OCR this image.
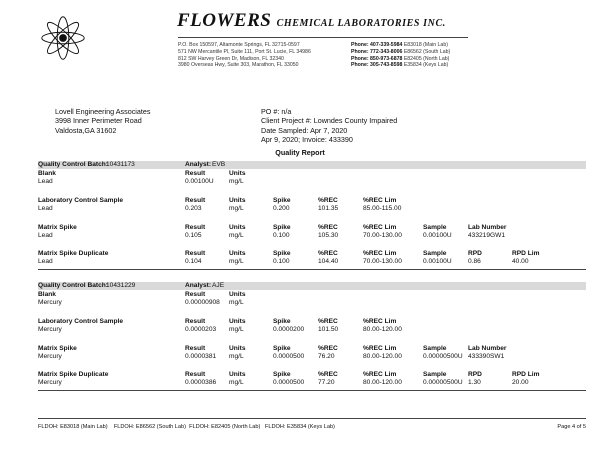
FLOWERS CHEMICAL LABORATORIES INC.
P.O. Box 150597, Altamonte Springs, FL 32715-0597
571 NW Mercantile Pl, Suite 111, Port St. Lucie, FL 34986
812 SW Harvey Green Dr, Madison, FL 32340
3980 Overseas Hwy, Suite 303, Marathon, FL 33050
Phone: 407-339-5984 E83018 (Main Lab)
Phone: 772-343-8006 E86562 (South Lab)
Phone: 850-973-6878 E82405 (North Lab)
Phone: 305-743-8598 E35834 (Keys Lab)
Lovell Engineering Associates
3998 Inner Perimeter Road
Valdosta,GA 31602
PO #: n/a
Client Project #: Lowndes County Impaired
Date Sampled: Apr 7, 2020
Apr 9, 2020; Invoice: 433390
Quality Report
Quality Control Batch:
10431173	Analyst: EVB
Blank	Result	Units
Lead	0.00100U mg/L
Laboratory Control Sample	Result	Units	Spike	%REC	%REC Lim
Lead	0.203	mg/L	0.200	101.35	85.00-115.00
Matrix Spike	Result	Units	Spike	%REC	%REC Lim	Sample	Lab Number
Lead	0.105	mg/L	0.100	105.30	70.00-130.00	0.00100U 433219GW1
Matrix Spike Duplicate	Result	Units	Spike	%REC	%REC Lim	Sample	RPD	RPD Lim
Lead	0.104	mg/L	0.100	104.40	70.00-130.00	0.00100U 0.86	40.00
Quality Control Batch:
10431229	Analyst: AJE
Blank	Result	Units
Mercury	0.00000908 mg/L
Laboratory Control Sample	Result	Units	Spike	%REC	%REC Lim
Mercury	0.0000203 mg/L	0.0000200 101.50	80.00-120.00
Matrix Spike	Result	Units	Spike	%REC	%REC Lim	Sample	Lab Number
Mercury	0.0000381 mg/L	0.0000500 76.20	80.00-120.00	0.00000500U 433390SW1
Matrix Spike Duplicate	Result	Units	Spike	%REC	%REC Lim	Sample	RPD	RPD Lim
Mercury	0.0000386 mg/L	0.0000500 77.20	80.00-120.00	0.00000500U 1.30	20.00
FLDOH: E83018 (Main Lab)    FLDOH: E86562 (South Lab)  FLDOH: E82405 (North Lab)   FLDOH: E35834 (Keys Lab)	Page 4 of 5
